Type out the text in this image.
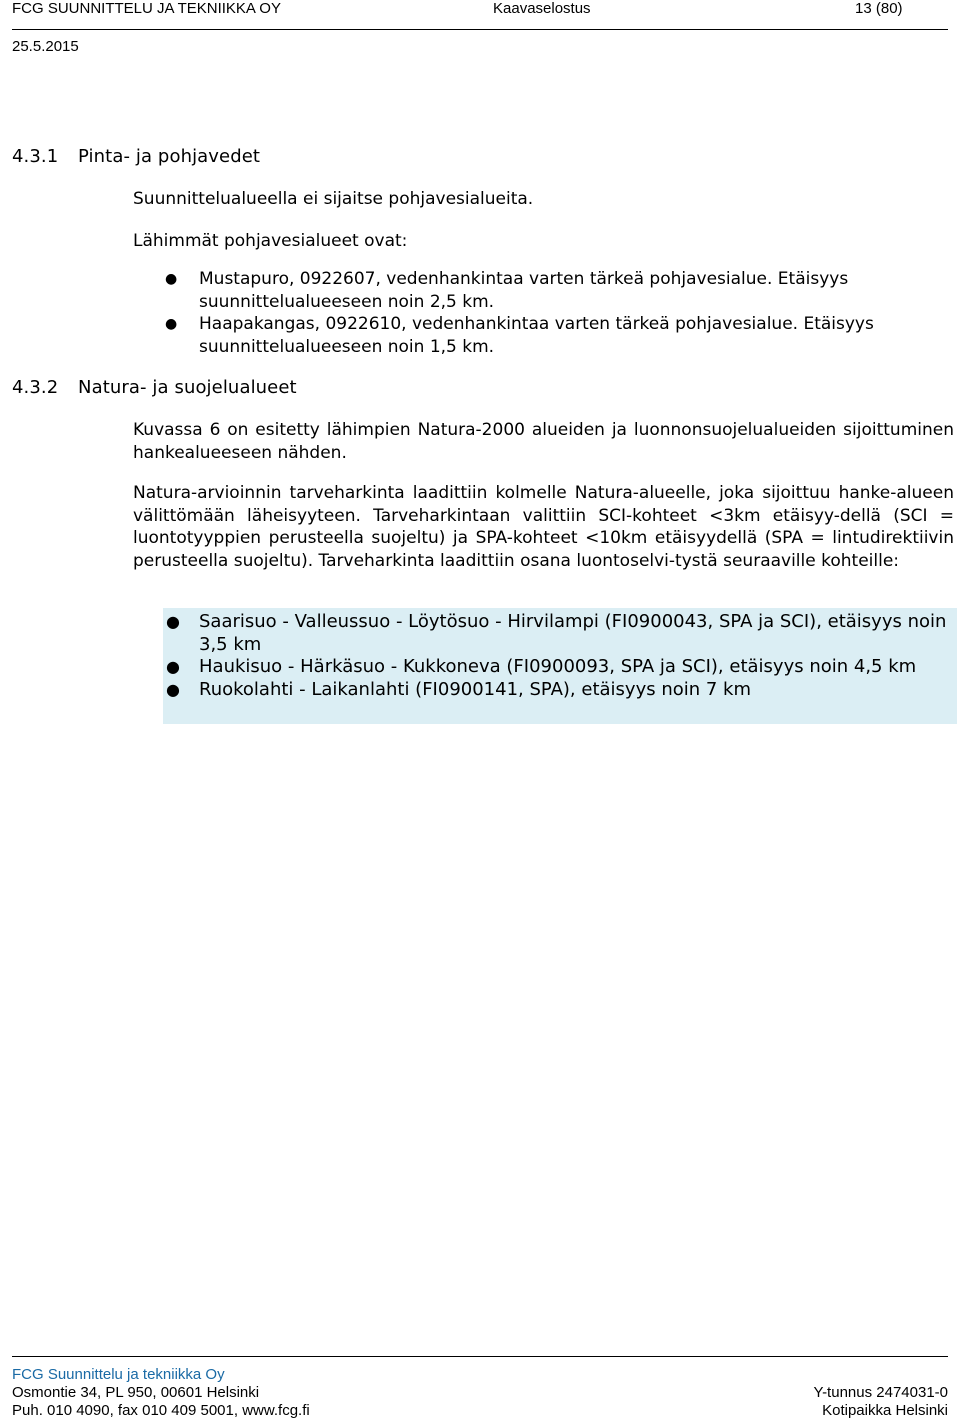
FCG SUUNNITTELU JA TEKNIIKKA OY	Kaavaselostus	13 (80)
25.5.2015
4.3.1 Pinta- ja pohjavedet

Suunnittelualueella ei sijaitse pohjavesialueita.

Lähimmät pohjavesialueet ovat:

● Mustapuro, 0922607, vedenhankintaa varten tärkeä pohjavesialue. Etäisyys suunnittelualueeseen noin 2,5 km.
● Haapakangas, 0922610, vedenhankintaa varten tärkeä pohjavesialue. Etäisyys suunnittelualueeseen noin 1,5 km.
4.3.2 Natura- ja suojelualueet

Kuvassa 6 on esitetty lähimpien Natura-2000 alueiden ja luonnonsuojelualueiden sijoittuminen hankealueeseen nähden.

Natura-arvioinnin tarveharkinta laadittiin kolmelle Natura-alueelle, joka sijoittuu hanke-alueen välittömään läheisyyteen. Tarveharkintaan valittiin SCI-kohteet <3km etäisyy-dellä (SCI = luontotyyppien perusteella suojeltu) ja SPA-kohteet <10km etäisyydellä (SPA = lintudirektiivin perusteella suojeltu). Tarveharkinta laadittiin osana luontoselvi-tystä seuraaville kohteille:

● Saarisuo - Valleussuo - Löytösuo - Hirvilampi (FI0900043, SPA ja SCI), etäisyys noin 3,5 km
● Haukisuo - Härkäsuo - Kukkoneva (FI0900093, SPA ja SCI), etäisyys noin 4,5 km
● Ruokolahti - Laikanlahti (FI0900141, SPA), etäisyys noin 7 km
FCG Suunnittelu ja tekniikka Oy
Osmontie 34, PL 950, 00601 Helsinki
Puh. 010 4090, fax 010 409 5001, www.fcg.fi
Y-tunnus 2474031-0
Kotipaikka Helsinki
